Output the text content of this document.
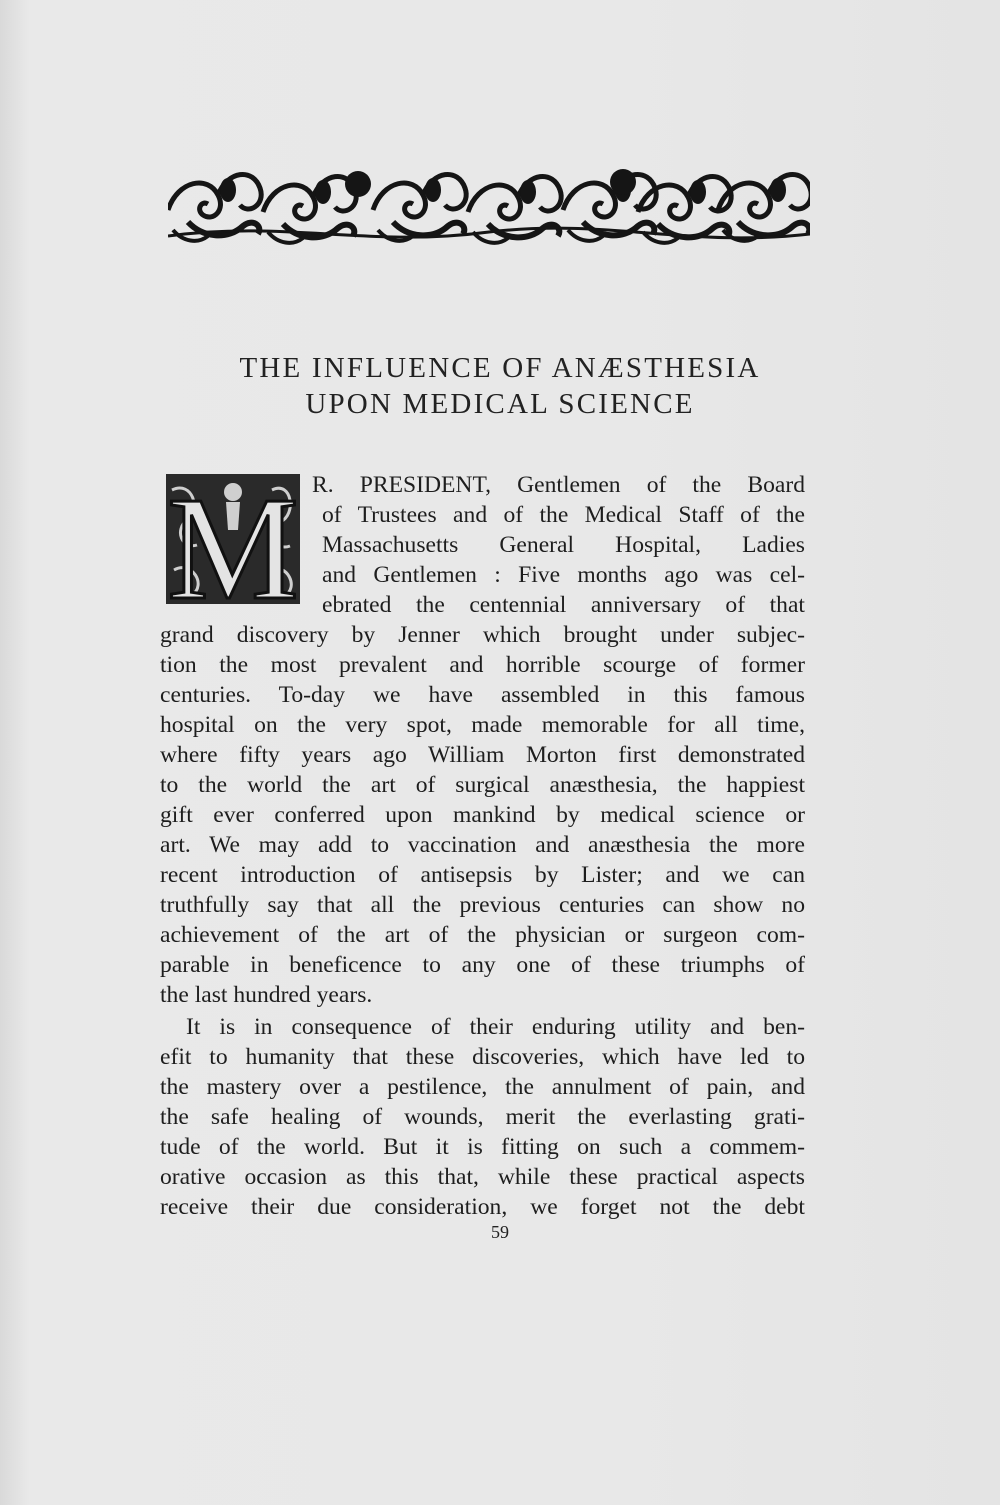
THE INFLUENCE OF ANÆSTHESIA
UPON MEDICAL SCIENCE
M R. PRESIDENT, Gentlemen of the Board
of Trustees and of the Medical Staff of the
Massachusetts General Hospital, Ladies
and Gentlemen : Five months ago was cel-
ebrated the centennial anniversary of that
grand discovery by Jenner which brought under subjec-
tion the most prevalent and horrible scourge of former
centuries. To-day we have assembled in this famous
hospital on the very spot, made memorable for all time,
where fifty years ago William Morton first demonstrated
to the world the art of surgical anæsthesia, the happiest
gift ever conferred upon mankind by medical science or
art. We may add to vaccination and anæsthesia the more
recent introduction of antisepsis by Lister; and we can
truthfully say that all the previous centuries can show no
achievement of the art of the physician or surgeon com-
parable in beneficence to any one of these triumphs of
the last hundred years.
It is in consequence of their enduring utility and ben-
efit to humanity that these discoveries, which have led to
the mastery over a pestilence, the annulment of pain, and
the safe healing of wounds, merit the everlasting grati-
tude of the world. But it is fitting on such a commem-
orative occasion as this that, while these practical aspects
receive their due consideration, we forget not the debt
59
